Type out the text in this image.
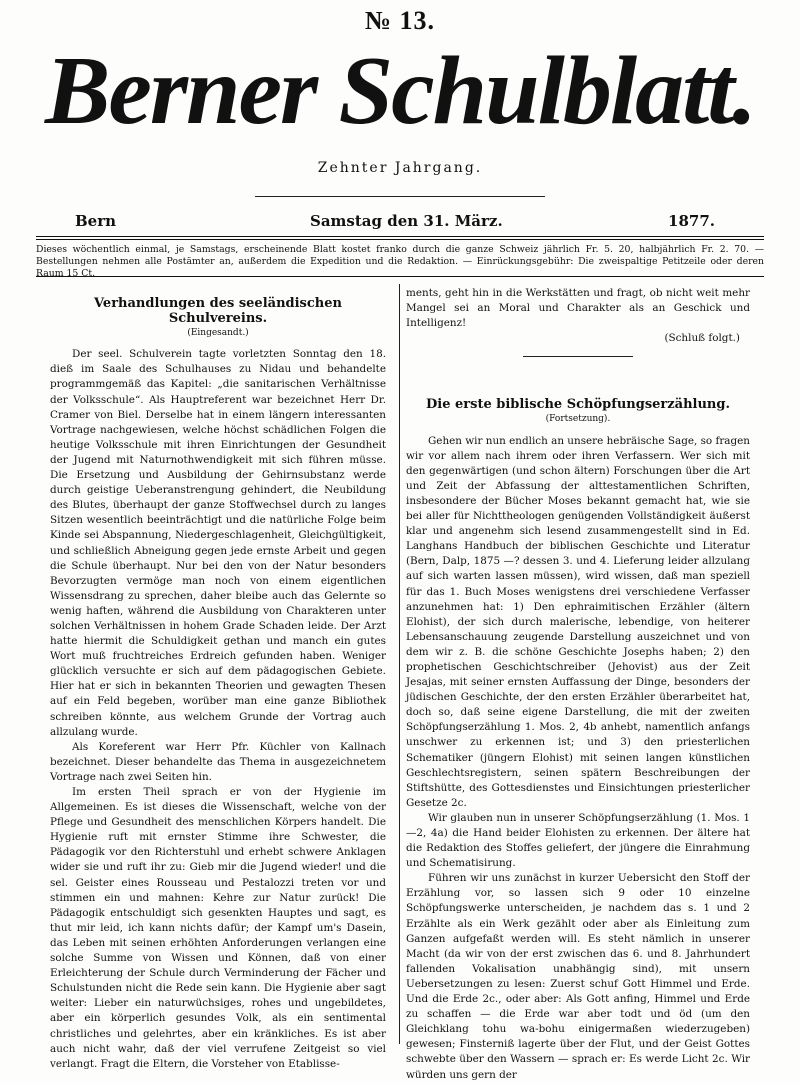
№ 13.
Berner Schulblatt.
Zehnter Jahrgang.
Bern	Samstag den 31. März.	1877.
Dieses wöchentlich einmal, je Samstags, erscheinende Blatt kostet franko durch die ganze Schweiz jährlich Fr. 5. 20, halbjährlich Fr. 2. 70. — Bestellungen nehmen alle Postämter an, außerdem die Expedition und die Redaktion. — Einrückungsgebühr: Die zweispaltige Petitzeile oder deren Raum 15 Ct.
Verhandlungen des seeländischen Schulvereins.
(Eingesandt.)

Der seel. Schulverein tagte vorletzten Sonntag den 18. dieß im Saale des Schulhauses zu Nidau und behandelte programmgemäß das Kapitel: „die sanitarischen Verhältnisse der Volksschule“. Als Hauptreferent war bezeichnet Herr Dr. Cramer von Biel. Derselbe hat in einem längern interessanten Vortrage nachgewiesen, welche höchst schädlichen Folgen die heutige Volksschule mit ihren Einrichtungen der Gesundheit der Jugend mit Naturnothwendigkeit mit sich führen müsse. Die Ersetzung und Ausbildung der Gehirnsubstanz werde durch geistige Ueberanstrengung gehindert, die Neubildung des Blutes, überhaupt der ganze Stoffwechsel durch zu langes Sitzen wesentlich beeinträchtigt und die natürliche Folge beim Kinde sei Abspannung, Niedergeschlagenheit, Gleichgültigkeit, und schließlich Abneigung gegen jede ernste Arbeit und gegen die Schule überhaupt. Nur bei den von der Natur besonders Bevorzugten vermöge man noch von einem eigentlichen Wissensdrang zu sprechen, daher bleibe auch das Gelernte so wenig haften, während die Ausbildung von Charakteren unter solchen Verhältnissen in hohem Grade Schaden leide. Der Arzt hatte hiermit die Schuldigkeit gethan und manch ein gutes Wort muß fruchtreiches Erdreich gefunden haben. Weniger glücklich versuchte er sich auf dem pädagogischen Gebiete. Hier hat er sich in bekannten Theorien und gewagten Thesen auf ein Feld begeben, worüber man eine ganze Bibliothek schreiben könnte, aus welchem Grunde der Vortrag auch allzulang wurde.

Als Koreferent war Herr Pfr. Küchler von Kallnach bezeichnet. Dieser behandelte das Thema in ausgezeichnetem Vortrage nach zwei Seiten hin.

Im ersten Theil sprach er von der Hygienie im Allgemeinen. Es ist dieses die Wissenschaft, welche von der Pflege und Gesundheit des menschlichen Körpers handelt. Die Hygienie ruft mit ernster Stimme ihre Schwester, die Pädagogik vor den Richterstuhl und erhebt schwere Anklagen wider sie und ruft ihr zu: Gieb mir die Jugend wieder! und die sel. Geister eines Rousseau und Pestalozzi treten vor und stimmen ein und mahnen: Kehre zur Natur zurück! Die Pädagogik entschuldigt sich gesenkten Hauptes und sagt, es thut mir leid, ich kann nichts dafür; der Kampf um's Dasein, das Leben mit seinen erhöhten Anforderungen verlangen eine solche Summe von Wissen und Können, daß von einer Erleichterung der Schule durch Verminderung der Fächer und Schulstunden nicht die Rede sein kann. Die Hygienie aber sagt weiter: Lieber ein naturwüchsiges, rohes und ungebildetes, aber ein körperlich gesundes Volk, als ein sentimental christliches und gelehrtes, aber ein kränkliches. Es ist aber auch nicht wahr, daß der viel verrufene Zeitgeist so viel verlangt. Fragt die Eltern, die Vorsteher von Etablisse-

ments, geht hin in die Werkstätten und fragt, ob nicht weit mehr Mangel sei an Moral und Charakter als an Geschick und Intelligenz!

(Schluß folgt.)
Die erste biblische Schöpfungserzählung.
(Fortsetzung).

Gehen wir nun endlich an unsere hebräische Sage, so fragen wir vor allem nach ihrem oder ihren Verfassern. Wer sich mit den gegenwärtigen (und schon ältern) Forschungen über die Art und Zeit der Abfassung der alttestamentlichen Schriften, insbesondere der Bücher Moses bekannt gemacht hat, wie sie bei aller für Nichttheologen genügenden Vollständigkeit äußerst klar und angenehm sich lesend zusammengestellt sind in Ed. Langhans Handbuch der biblischen Geschichte und Literatur (Bern, Dalp, 1875 —? dessen 3. und 4. Lieferung leider allzulang auf sich warten lassen müssen), wird wissen, daß man speziell für das 1. Buch Moses wenigstens drei verschiedene Verfasser anzunehmen hat: 1) Den ephraimitischen Erzähler (ältern Elohist), der sich durch malerische, lebendige, von heiterer Lebensanschauung zeugende Darstellung auszeichnet und von dem wir z. B. die schöne Geschichte Josephs haben; 2) den prophetischen Geschichtschreiber (Jehovist) aus der Zeit Jesajas, mit seiner ernsten Auffassung der Dinge, besonders der jüdischen Geschichte, der den ersten Erzähler überarbeitet hat, doch so, daß seine eigene Darstellung, die mit der zweiten Schöpfungserzählung 1. Mos. 2, 4b anhebt, namentlich anfangs unschwer zu erkennen ist; und 3) den priesterlichen Schematiker (jüngern Elohist) mit seinen langen künstlichen Geschlechtsregistern, seinen spätern Beschreibungen der Stiftshütte, des Gottesdienstes und Einsichtungen priesterlicher Gesetze 2c.

Wir glauben nun in unserer Schöpfungserzählung (1. Mos. 1—2, 4a) die Hand beider Elohisten zu erkennen. Der ältere hat die Redaktion des Stoffes geliefert, der jüngere die Einrahmung und Schematisirung.

Führen wir uns zunächst in kurzer Uebersicht den Stoff der Erzählung vor, so lassen sich 9 oder 10 einzelne Schöpfungswerke unterscheiden, je nachdem das s. 1 und 2 Erzählte als ein Werk gezählt oder aber als Einleitung zum Ganzen aufgefaßt werden will. Es steht nämlich in unserer Macht (da wir von der erst zwischen das 6. und 8. Jahrhundert fallenden Vokalisation unabhängig sind), mit unsern Uebersetzungen zu lesen: Zuerst schuf Gott Himmel und Erde. Und die Erde 2c., oder aber: Als Gott anfing, Himmel und Erde zu schaffen — die Erde war aber todt und öd (um den Gleichklang tohu wa-bohu einigermaßen wiederzugeben) gewesen; Finsterniß lagerte über der Flut, und der Geist Gottes schwebte über den Wassern — sprach er: Es werde Licht 2c. Wir würden uns gern der
